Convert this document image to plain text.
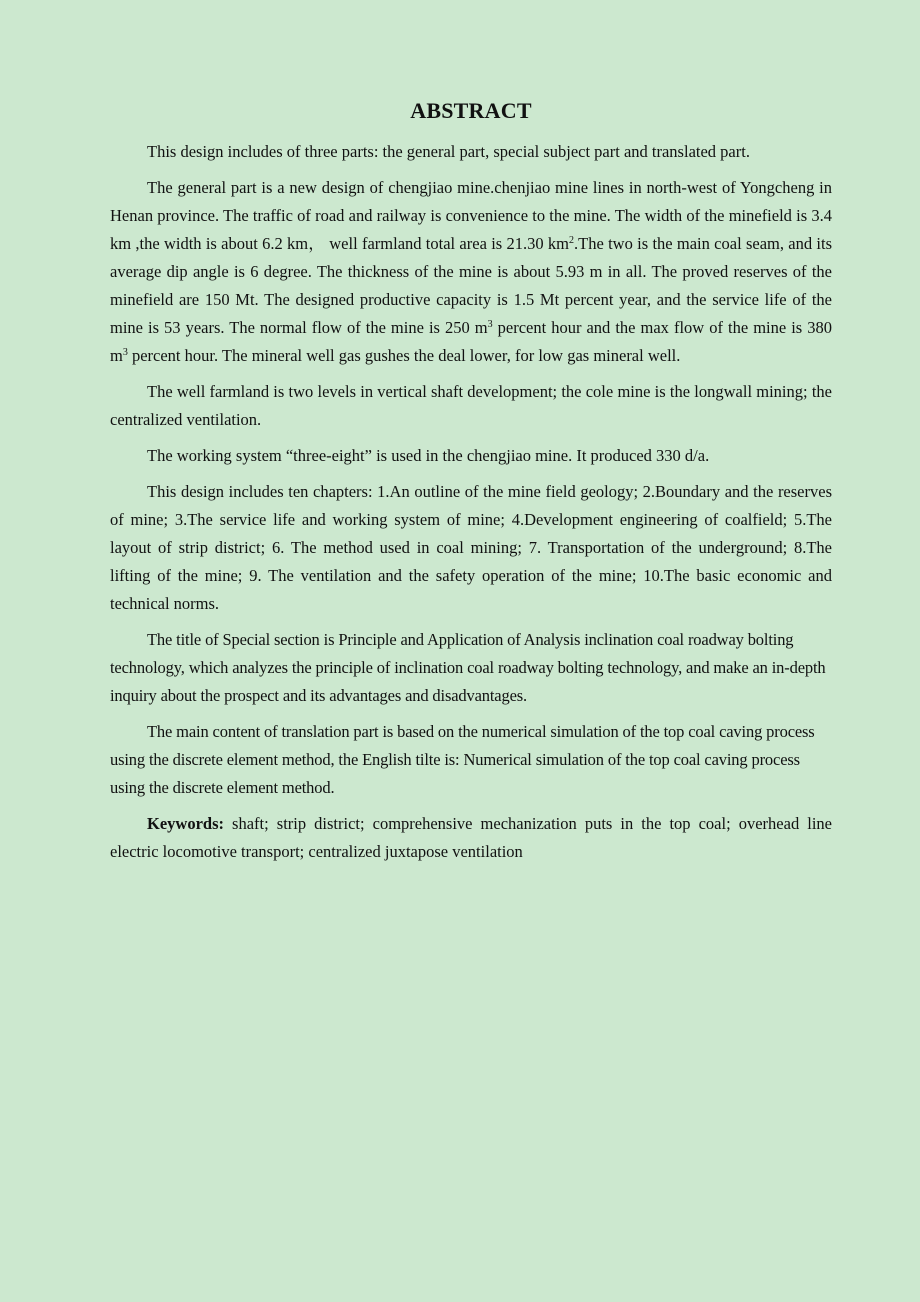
ABSTRACT

This design includes of three parts: the general part, special subject part and translated part.

The general part is a new design of chengjiao mine.chenjiao mine lines in north-west of Yongcheng in Henan province. The traffic of road and railway is convenience to the mine. The width of the minefield is 3.4 km ,the width is about 6.2 km， well farmland total area is 21.30 $km^2.The$ two is the main coal seam, and its average dip angle is 6 degree. The thickness of the mine is about 5.93 m in all. The proved reserves of the minefield are 150 Mt. The designed productive capacity is 1.5 Mt percent year, and the service life of the mine is 53 years. The normal flow of the mine is 250 $m^3$ percent hour and the max flow of the mine is 380 $m^3$ percent hour. The mineral well gas gushes the deal lower, for low gas mineral well.

The well farmland is two levels in vertical shaft development; the cole mine is the longwall mining; the centralized ventilation.

The working system “three-eight” is used in the chengjiao mine. It produced 330 d/a.

This design includes ten chapters: 1.An outline of the mine field geology; 2.Boundary and the reserves of mine; 3.The service life and working system of mine; 4.Development engineering of coalfield; 5.The layout of strip district; 6. The method used in coal mining; 7. Transportation of the underground; 8.The lifting of the mine; 9. The ventilation and the safety operation of the mine; 10.The basic economic and technical norms.

The title of Special section is Principle and Application of Analysis inclination coal roadway bolting technology, which analyzes the principle of inclination coal roadway bolting technology, and make an in-depth inquiry about the prospect and its advantages and disadvantages.

The main content of translation part is based on the numerical simulation of the top coal caving process using the discrete element method, the English tilte is: Numerical simulation of the top coal caving process using the discrete element method.

Keywords: shaft; strip district; comprehensive mechanization puts in the top coal; overhead line electric locomotive transport; centralized juxtapose ventilation
